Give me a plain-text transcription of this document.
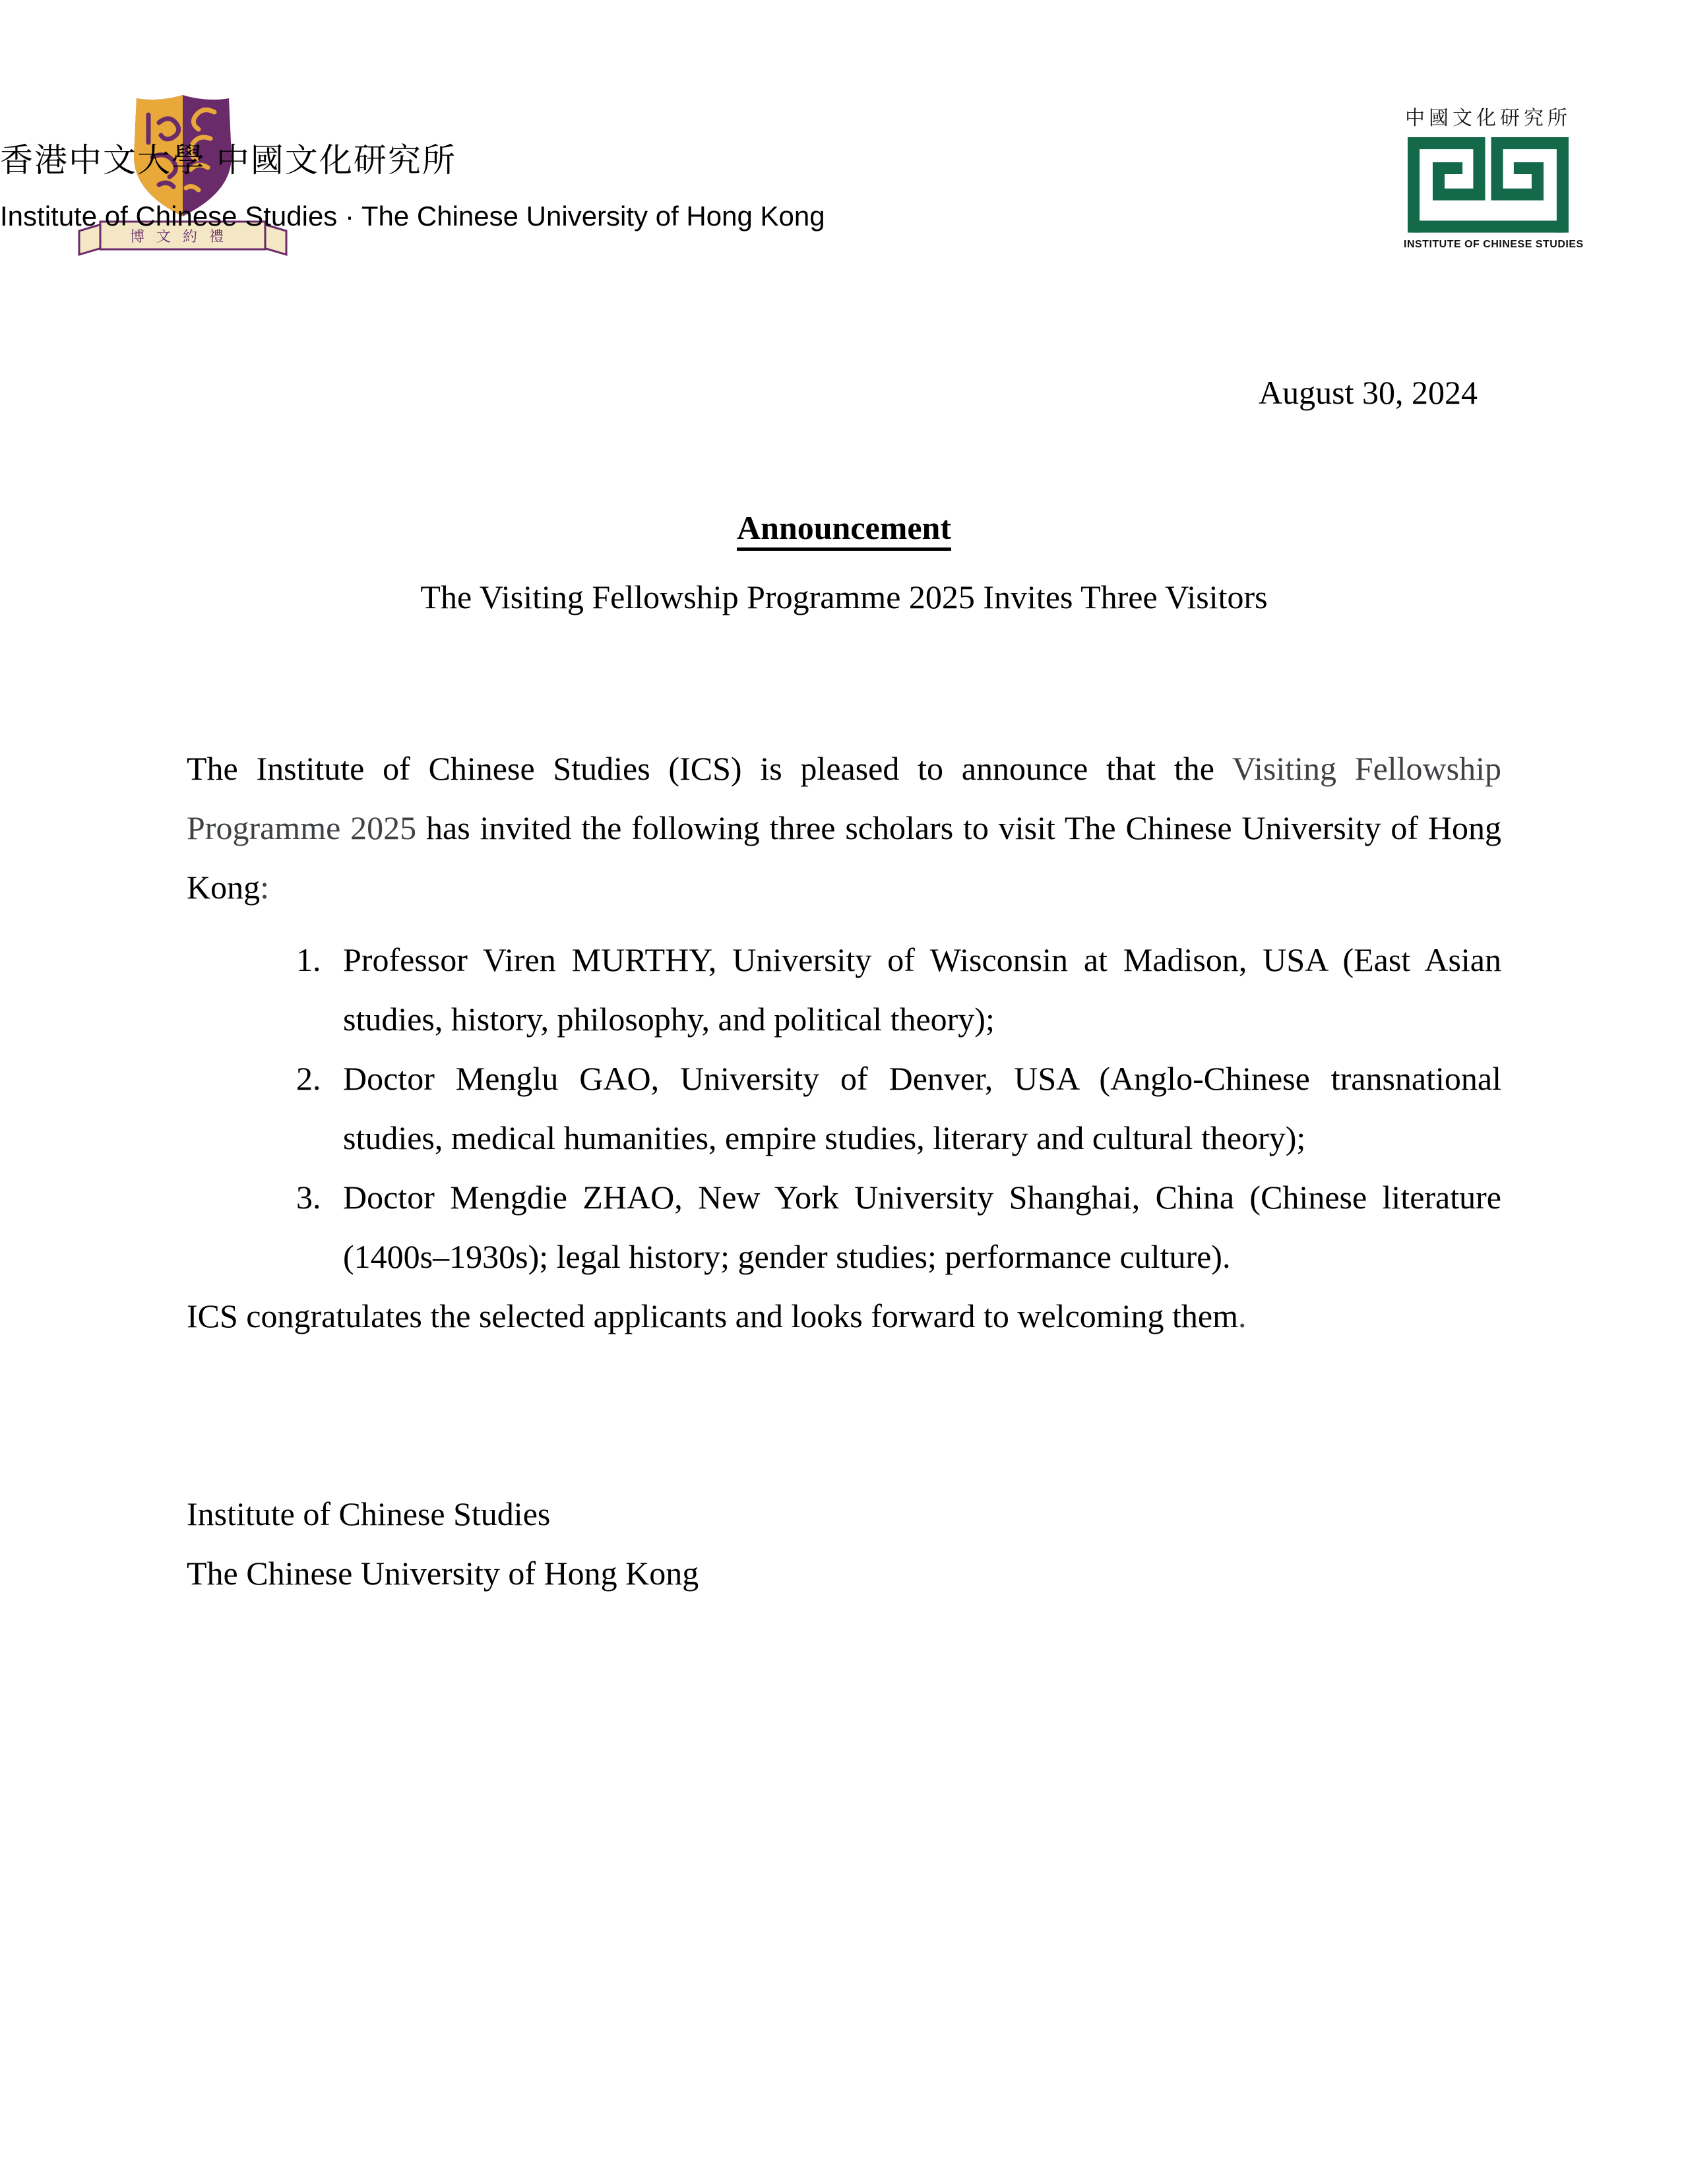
博文約禮
香港中文大學 中國文化研究所
Institute of Chinese Studies · The Chinese University of Hong Kong
中國文化研究所
INSTITUTE OF CHINESE STUDIES
August 30, 2024
Announcement
The Visiting Fellowship Programme 2025 Invites Three Visitors
The Institute of Chinese Studies (ICS) is pleased to announce that the Visiting Fellowship
Programme 2025 has invited the following three scholars to visit The Chinese University of Hong
Kong:
1. Professor Viren MURTHY, University of Wisconsin at Madison, USA (East Asian
studies, history, philosophy, and political theory);
2. Doctor Menglu GAO, University of Denver, USA (Anglo-Chinese transnational
studies, medical humanities, empire studies, literary and cultural theory);
3. Doctor Mengdie ZHAO, New York University Shanghai, China (Chinese literature
(1400s–1930s); legal history; gender studies; performance culture).
ICS congratulates the selected applicants and looks forward to welcoming them.
Institute of Chinese Studies
The Chinese University of Hong Kong
